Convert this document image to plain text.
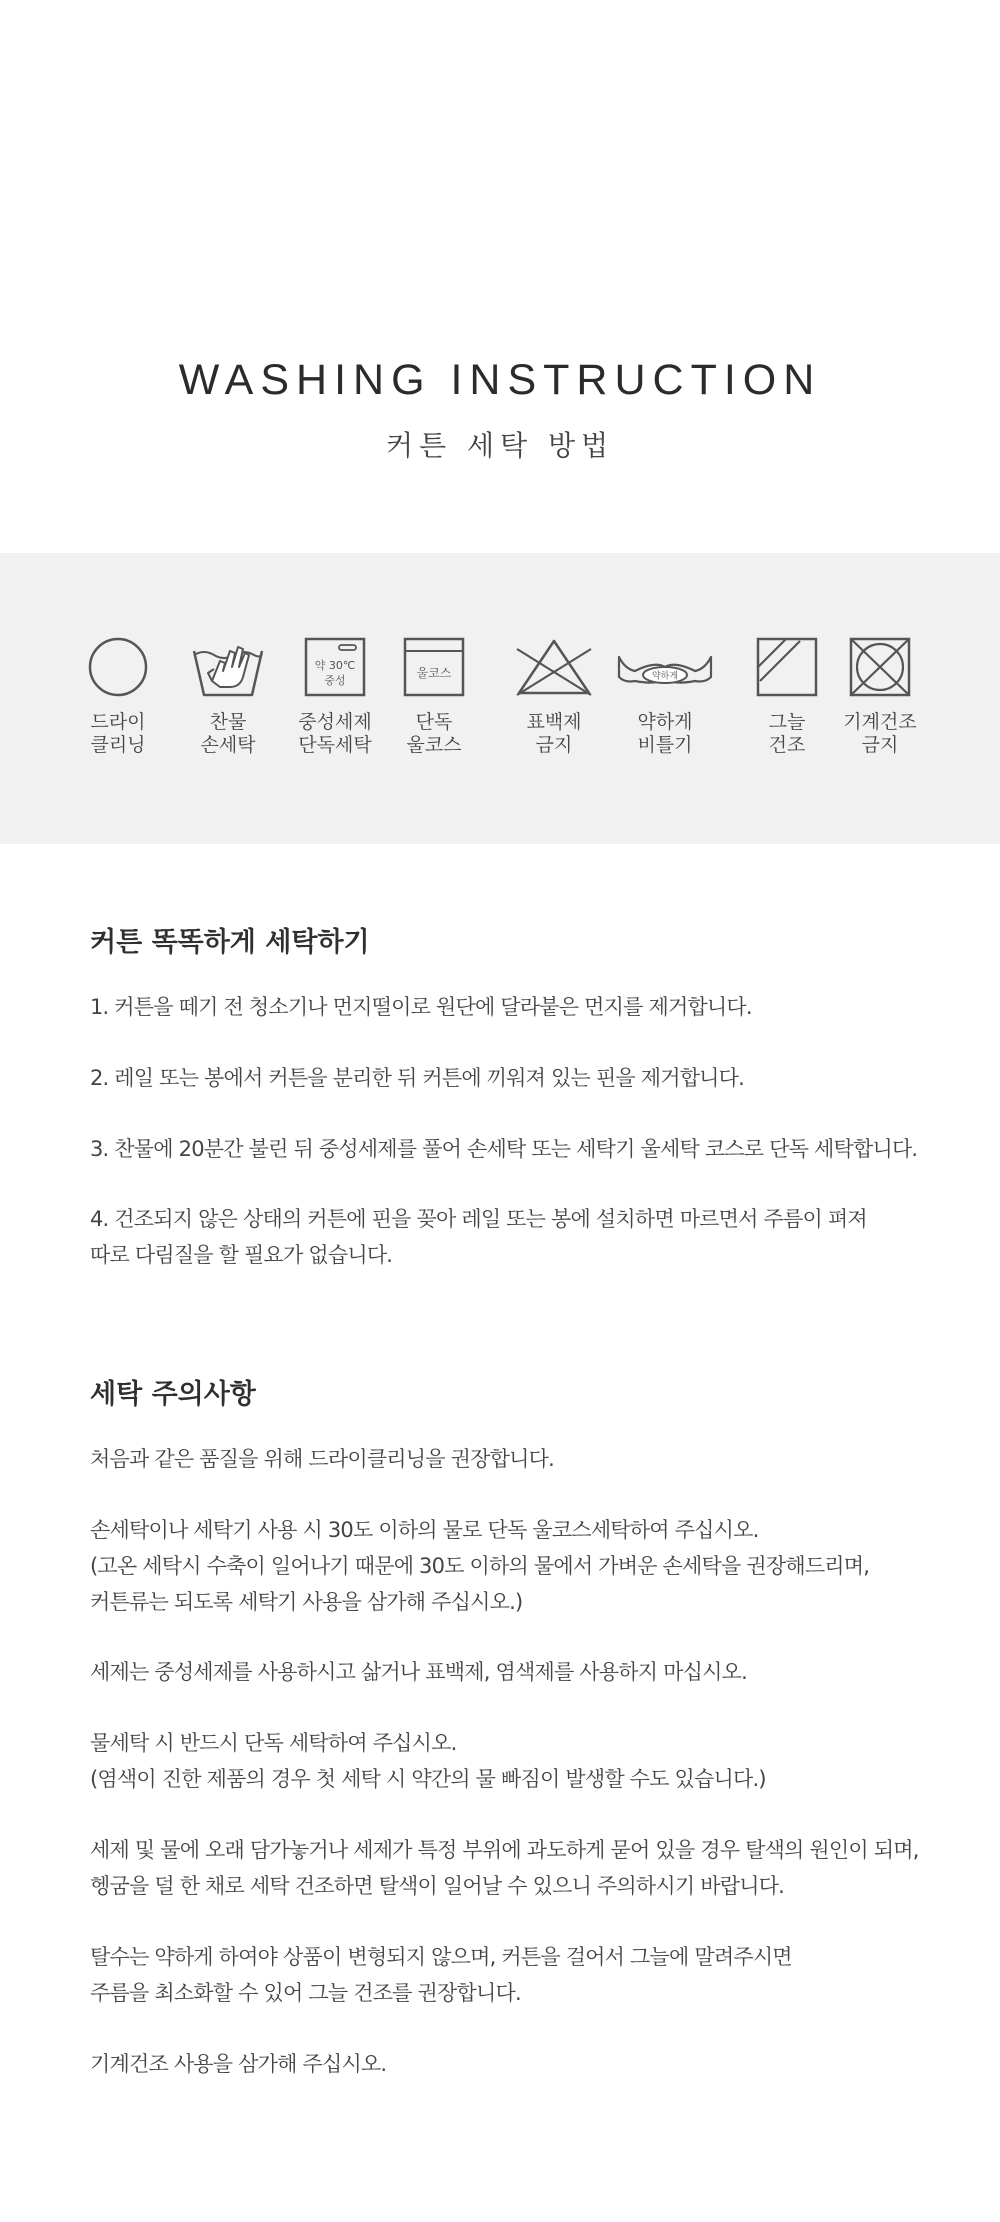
WASHING INSTRUCTION
커튼 세탁 방법
드라이
클리닝
찬물
손세탁
약 30℃
중성
중성세제
단독세탁
울코스
단독
울코스
표백제
금지
약하게
약하게
비틀기
그늘
건조
기계건조
금지
커튼 똑똑하게 세탁하기

1. 커튼을 떼기 전 청소기나 먼지떨이로 원단에 달라붙은 먼지를 제거합니다.

2. 레일 또는 봉에서 커튼을 분리한 뒤 커튼에 끼워져 있는 핀을 제거합니다.

3. 찬물에 20분간 불린 뒤 중성세제를 풀어 손세탁 또는 세탁기 울세탁 코스로 단독 세탁합니다.

4. 건조되지 않은 상태의 커튼에 핀을 꽂아 레일 또는 봉에 설치하면 마르면서 주름이 펴져
따로 다림질을 할 필요가 없습니다.

세탁 주의사항

처음과 같은 품질을 위해 드라이클리닝을 권장합니다.

손세탁이나 세탁기 사용 시 30도 이하의 물로 단독 울코스세탁하여 주십시오.
(고온 세탁시 수축이 일어나기 때문에 30도 이하의 물에서 가벼운 손세탁을 권장해드리며,
커튼류는 되도록 세탁기 사용을 삼가해 주십시오.)

세제는 중성세제를 사용하시고 삶거나 표백제, 염색제를 사용하지 마십시오.

물세탁 시 반드시 단독 세탁하여 주십시오.
(염색이 진한 제품의 경우 첫 세탁 시 약간의 물 빠짐이 발생할 수도 있습니다.)

세제 및 물에 오래 담가놓거나 세제가 특정 부위에 과도하게 묻어 있을 경우 탈색의 원인이 되며,
헹굼을 덜 한 채로 세탁 건조하면 탈색이 일어날 수 있으니 주의하시기 바랍니다.

탈수는 약하게 하여야 상품이 변형되지 않으며, 커튼을 걸어서 그늘에 말려주시면
주름을 최소화할 수 있어 그늘 건조를 권장합니다.

기계건조 사용을 삼가해 주십시오.
